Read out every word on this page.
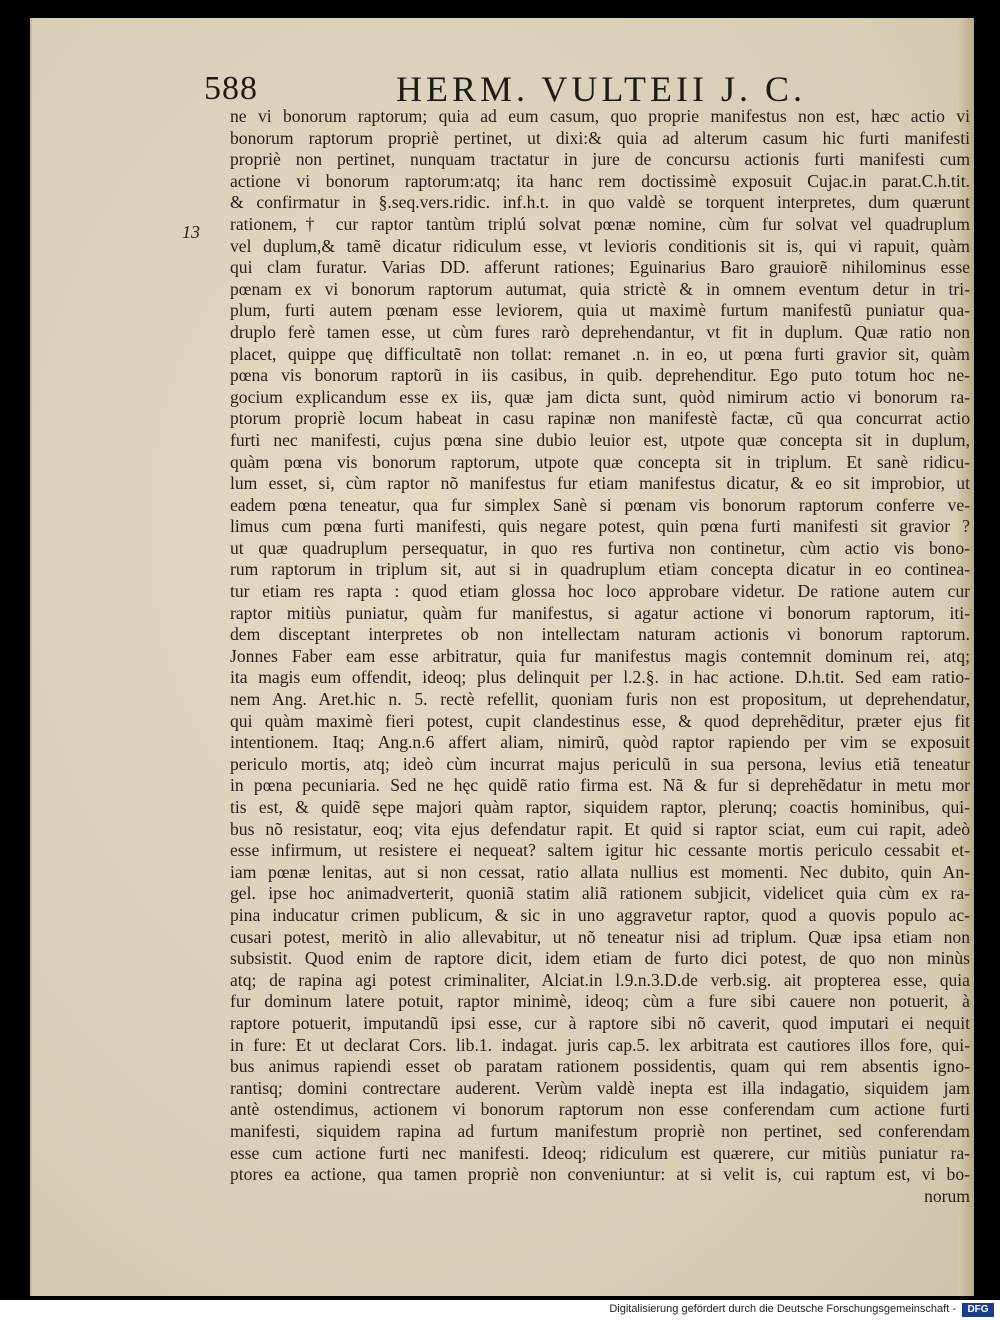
588	HERM. VULTEII J. C.
13
ne vi bonorum raptorum; quia ad eum casum, quo proprie manifestus non est, hæc actio vi
bonorum raptorum propriè pertinet, ut dixi:& quia ad alterum casum hic furti manifesti
propriè non pertinet, nunquam tractatur in jure de concursu actionis furti manifesti cum
actione vi bonorum raptorum:atq; ita hanc rem doctissimè exposuit Cujac.in parat.C.h.tit.
& confirmatur in §.seq.vers.ridic. inf.h.t. in quo valdè se torquent interpretes, dum quærunt
rationem,† cur raptor tantùm triplú solvat pœnæ nomine, cùm fur solvat vel quadruplum
vel duplum,& tamẽ dicatur ridiculum esse, vt levioris conditionis sit is, qui vi rapuit, quàm
qui clam furatur. Varias DD. afferunt rationes; Eguinarius Baro grauiorẽ nihilominus esse
pœnam ex vi bonorum raptorum autumat, quia strictè & in omnem eventum detur in tri-
plum, furti autem pœnam esse leviorem, quia ut maximè furtum manifestũ puniatur qua-
druplo ferè tamen esse, ut cùm fures rarò deprehendantur, vt fit in duplum. Quæ ratio non
placet, quippe quę difficultatẽ non tollat: remanet .n. in eo, ut pœna furti gravior sit, quàm
pœna vis bonorum raptorũ in iis casibus, in quib. deprehenditur. Ego puto totum hoc ne-
gocium explicandum esse ex iis, quæ jam dicta sunt, quòd nimirum actio vi bonorum ra-
ptorum propriè locum habeat in casu rapinæ non manifestè factæ, cũ qua concurrat actio
furti nec manifesti, cujus pœna sine dubio leuior est, utpote quæ concepta sit in duplum,
quàm pœna vis bonorum raptorum, utpote quæ concepta sit in triplum. Et sanè ridicu-
lum esset, si, cùm raptor nõ manifestus fur etiam manifestus dicatur, & eo sit improbior, ut
eadem pœna teneatur, qua fur simplex Sanè si pœnam vis bonorum raptorum conferre ve-
limus cum pœna furti manifesti, quis negare potest, quin pœna furti manifesti sit gravior ?
ut quæ quadruplum persequatur, in quo res furtiva non continetur, cùm actio vis bono-
rum raptorum in triplum sit, aut si in quadruplum etiam concepta dicatur in eo continea-
tur etiam res rapta : quod etiam glossa hoc loco approbare videtur. De ratione autem cur
raptor mitiùs puniatur, quàm fur manifestus, si agatur actione vi bonorum raptorum, iti-
dem disceptant interpretes ob non intellectam naturam actionis vi bonorum raptorum.
Jonnes Faber eam esse arbitratur, quia fur manifestus magis contemnit dominum rei, atq;
ita magis eum offendit, ideoq; plus delinquit per l.2.§. in hac actione. D.h.tit. Sed eam ratio-
nem Ang. Aret.hic n. 5. rectè refellit, quoniam furis non est propositum, ut deprehendatur,
qui quàm maximè fieri potest, cupit clandestinus esse, & quod deprehẽditur, præter ejus fit
intentionem. Itaq; Ang.n.6 affert aliam, nimirũ, quòd raptor rapiendo per vim se exposuit
periculo mortis, atq; ideò cùm incurrat majus periculũ in sua persona, levius etiã teneatur
in pœna pecuniaria. Sed ne hęc quidẽ ratio firma est. Nã & fur si deprehẽdatur in metu mor
tis est, & quidẽ sępe majori quàm raptor, siquidem raptor, plerunq; coactis hominibus, qui-
bus nõ resistatur, eoq; vita ejus defendatur rapit. Et quid si raptor sciat, eum cui rapit, adeò
esse infirmum, ut resistere ei nequeat? saltem igitur hic cessante mortis periculo cessabit et-
iam pœnæ lenitas, aut si non cessat, ratio allata nullius est momenti. Nec dubito, quin An-
gel. ipse hoc animadverterit, quoniã statim aliã rationem subjicit, videlicet quia cùm ex ra-
pina inducatur crimen publicum, & sic in uno aggravetur raptor, quod a quovis populo ac-
cusari potest, meritò in alio allevabitur, ut nõ teneatur nisi ad triplum. Quæ ipsa etiam non
subsistit. Quod enim de raptore dicit, idem etiam de furto dici potest, de quo non minùs
atq; de rapina agi potest criminaliter, Alciat.in l.9.n.3.D.de verb.sig. ait propterea esse, quia
fur dominum latere potuit, raptor minimè, ideoq; cùm a fure sibi cauere non potuerit, à
raptore potuerit, imputandũ ipsi esse, cur à raptore sibi nõ caverit, quod imputari ei nequit
in fure: Et ut declarat Cors. lib.1. indagat. juris cap.5. lex arbitrata est cautiores illos fore, qui-
bus animus rapiendi esset ob paratam rationem possidentis, quam qui rem absentis igno-
rantisq; domini contrectare auderent. Verùm valdè inepta est illa indagatio, siquidem jam
antè ostendimus, actionem vi bonorum raptorum non esse conferendam cum actione furti
manifesti, siquidem rapina ad furtum manifestum propriè non pertinet, sed conferendam
esse cum actione furti nec manifesti. Ideoq; ridiculum est quærere, cur mitiùs puniatur ra-
ptores ea actione, qua tamen propriè non conveniuntur: at si velit is, cui raptum est, vi bo-
norum
Digitalisierung gefördert durch die Deutsche Forschungsgemeinschaft -	DFG
